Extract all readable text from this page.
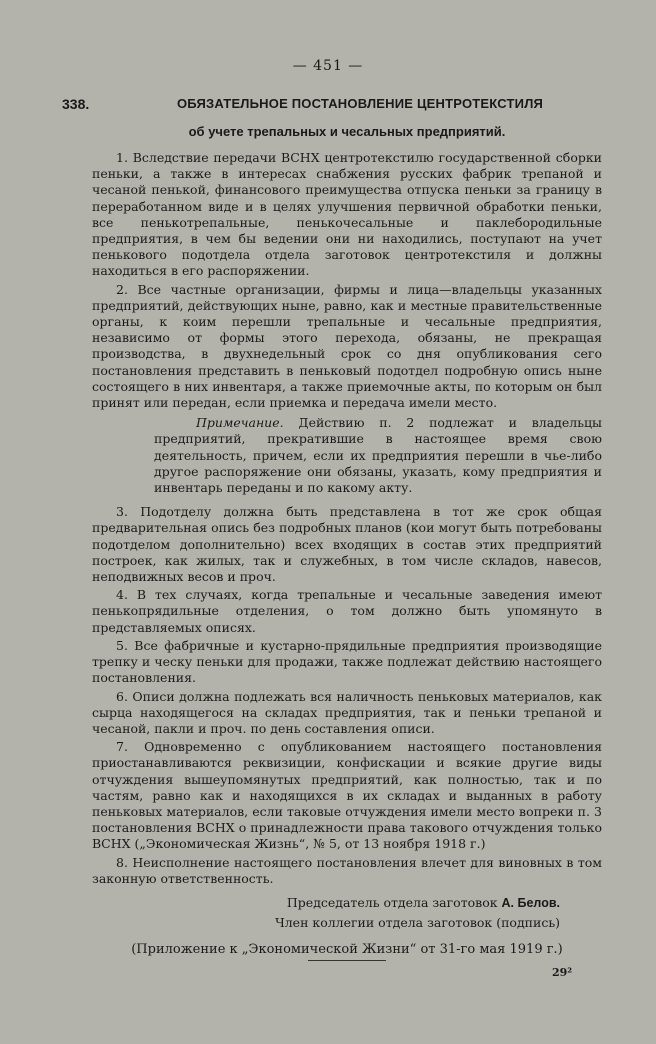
— 451 —
338.	ОБЯЗАТЕЛЬНОЕ ПОСТАНОВЛЕНИЕ ЦЕНТРОТЕКСТИЛЯ
об учете трепальных и чесальных предприятий.

1. Вследствие передачи ВСНХ центротекстилю государственной сборки пеньки, а также в интересах снабжения русских фабрик трепаной и чесаной пенькой, финансового преимущества отпуска пеньки за границу в переработанном виде и в целях улучшения первичной обработки пеньки, все пенькотрепальные, пенькочесальные и паклебородильные предприятия, в чем бы ведении они ни находились, поступают на учет пенькового подотдела отдела заготовок центротекстиля и должны находиться в его распоряжении.

2. Все частные организации, фирмы и лица—владельцы указанных предприятий, действующих ныне, равно, как и местные правительственные органы, к коим перешли трепальные и чесальные предприятия, независимо от формы этого перехода, обязаны, не прекращая производства, в двухнедельный срок со дня опубликования сего постановления представить в пеньковый подотдел подробную опись ныне состоящего в них инвентаря, а также приемочные акты, по которым он был принят или передан, если приемка и передача имели место.

Примечание. Действию п. 2 подлежат и владельцы предприятий, прекратившие в настоящее время свою деятельность, причем, если их предприятия перешли в чье-либо другое распоряжение они обязаны, указать, кому предприятия и инвентарь переданы и по какому акту.

3. Подотделу должна быть представлена в тот же срок общая предварительная опись без подробных планов (кои могут быть потребованы подотделом дополнительно) всех входящих в состав этих предприятий построек, как жилых, так и служебных, в том числе складов, навесов, неподвижных весов и проч.

4. В тех случаях, когда трепальные и чесальные заведения имеют пенькопрядильные отделения, о том должно быть упомянуто в представляемых описях.

5. Все фабричные и кустарно-прядильные предприятия производящие трепку и ческу пеньки для продажи, также подлежат действию настоящего постановления.

6. Описи должна подлежать вся наличность пеньковых материалов, как сырца находящегося на складах предприятия, так и пеньки трепаной и чесаной, пакли и проч. по день составления описи.

7. Одновременно с опубликованием настоящего постановления приостанавливаются реквизиции, конфискации и всякие другие виды отчуждения вышеупомянутых предприятий, как полностью, так и по частям, равно как и находящихся в их складах и выданных в работу пеньковых материалов, если таковые отчуждения имели место вопреки п. 3 постановления ВСНХ о принадлежности права такового отчуждения только ВСНХ („Экономическая Жизнь“, № 5, от 13 ноября 1918 г.)

8. Неисполнение настоящего постановления влечет для виновных в том законную ответственность.

Председатель отдела заготовок А. Белов.
Член коллегии отдела заготовок (подпись)
(Приложение к „Экономической Жизни“ от 31-го мая 1919 г.)
29²
